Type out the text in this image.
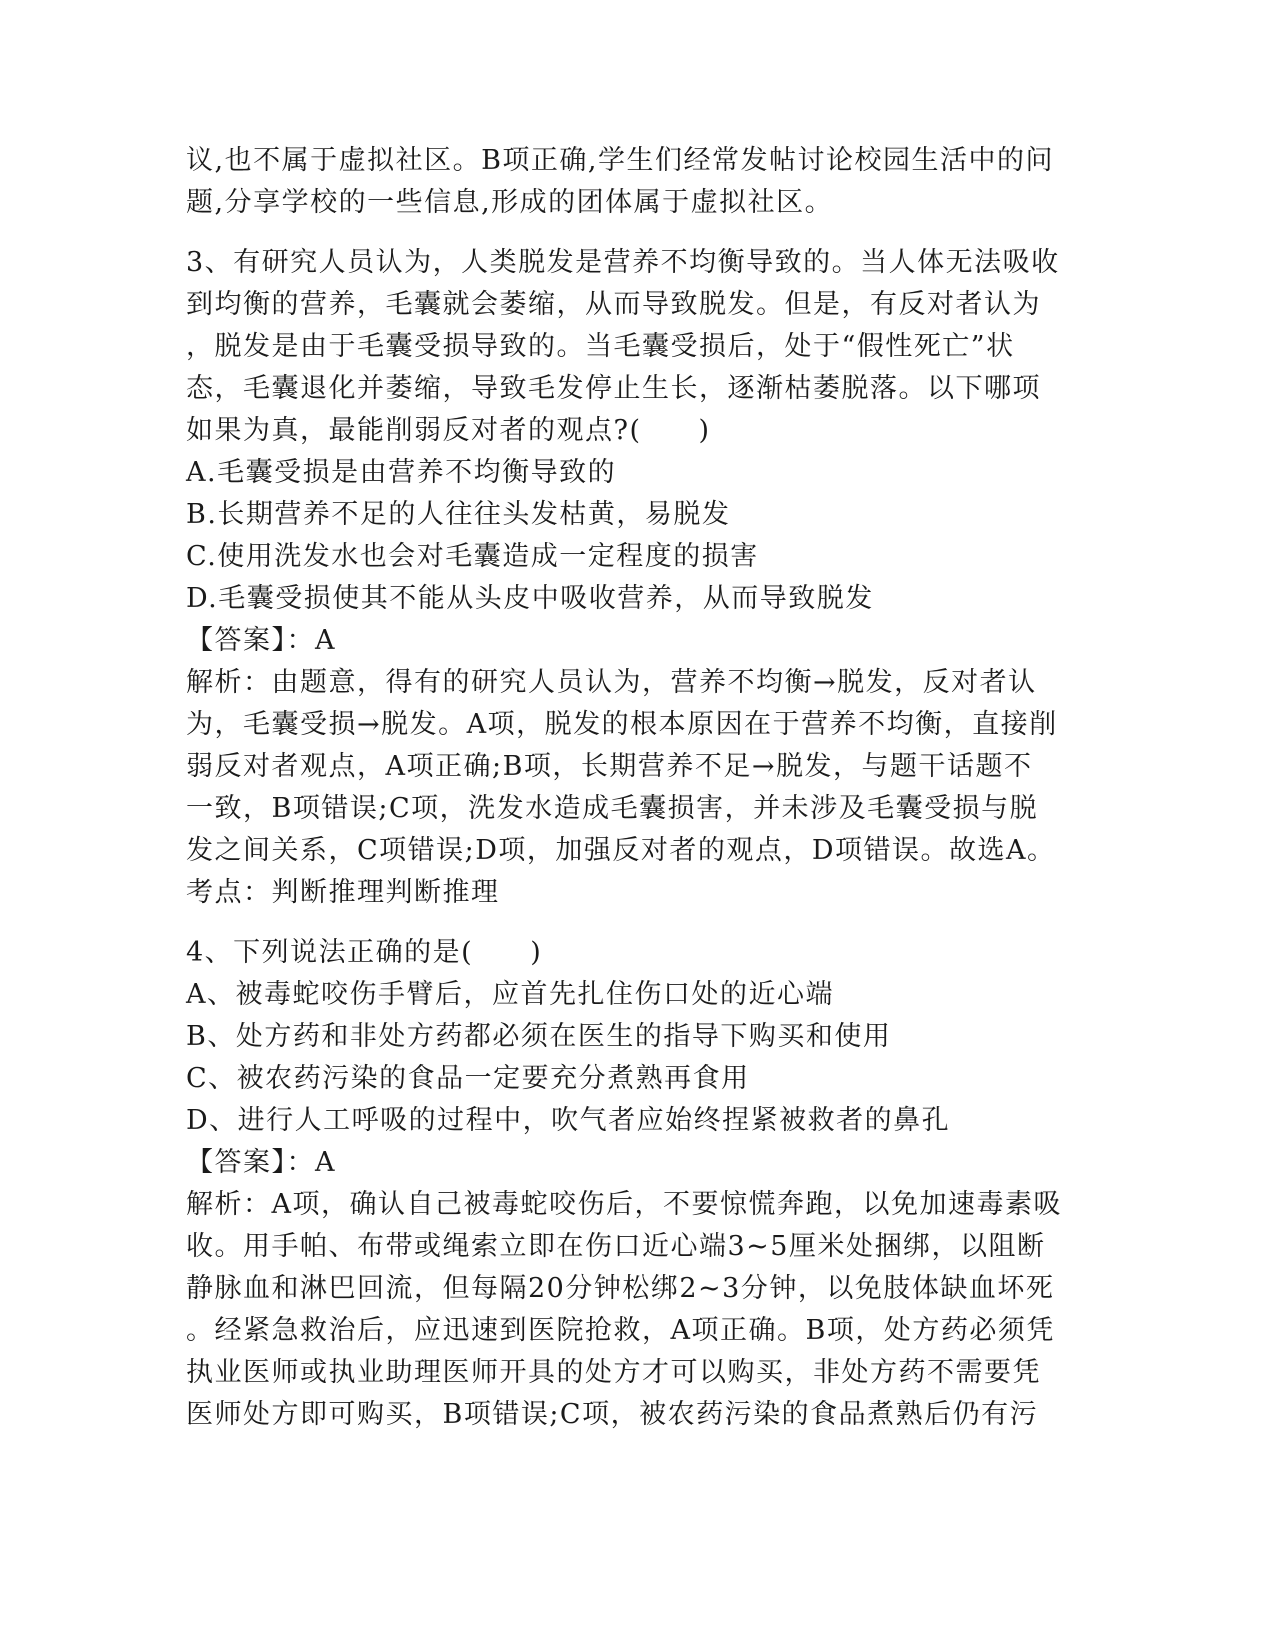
议,也不属于虚拟社区。B项正确,学生们经常发帖讨论校园生活中的问
题,分享学校的一些信息,形成的团体属于虚拟社区。
3、有研究人员认为，人类脱发是营养不均衡导致的。当人体无法吸收
到均衡的营养，毛囊就会萎缩，从而导致脱发。但是，有反对者认为
，脱发是由于毛囊受损导致的。当毛囊受损后，处于“假性死亡”状
态，毛囊退化并萎缩，导致毛发停止生长，逐渐枯萎脱落。以下哪项
如果为真，最能削弱反对者的观点?(　　)
A.毛囊受损是由营养不均衡导致的
B.长期营养不足的人往往头发枯黄，易脱发
C.使用洗发水也会对毛囊造成一定程度的损害
D.毛囊受损使其不能从头皮中吸收营养，从而导致脱发
【答案】：A
解析：由题意，得有的研究人员认为，营养不均衡→脱发，反对者认
为，毛囊受损→脱发。A项，脱发的根本原因在于营养不均衡，直接削
弱反对者观点，A项正确;B项，长期营养不足→脱发，与题干话题不
一致，B项错误;C项，洗发水造成毛囊损害，并未涉及毛囊受损与脱
发之间关系，C项错误;D项，加强反对者的观点，D项错误。故选A。
考点：判断推理判断推理
4、下列说法正确的是(　　)
A、被毒蛇咬伤手臂后，应首先扎住伤口处的近心端
B、处方药和非处方药都必须在医生的指导下购买和使用
C、被农药污染的食品一定要充分煮熟再食用
D、进行人工呼吸的过程中，吹气者应始终捏紧被救者的鼻孔
【答案】：A
解析：A项，确认自己被毒蛇咬伤后，不要惊慌奔跑，以免加速毒素吸
收。用手帕、布带或绳索立即在伤口近心端3~5厘米处捆绑，以阻断
静脉血和淋巴回流，但每隔20分钟松绑2~3分钟，以免肢体缺血坏死
。经紧急救治后，应迅速到医院抢救，A项正确。B项，处方药必须凭
执业医师或执业助理医师开具的处方才可以购买，非处方药不需要凭
医师处方即可购买，B项错误;C项，被农药污染的食品煮熟后仍有污
